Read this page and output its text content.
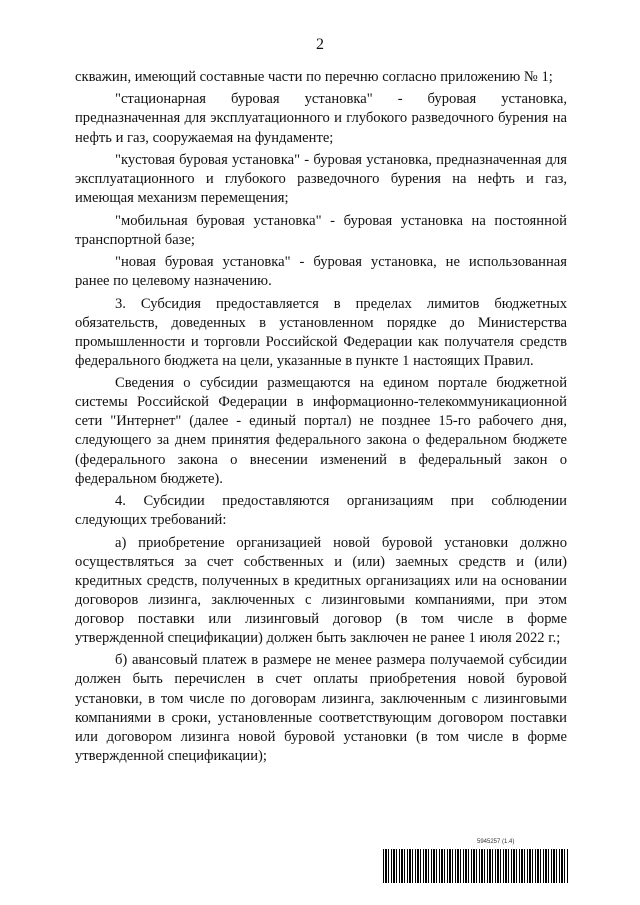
2

скважин, имеющий составные части по перечню согласно приложению № 1;

"стационарная буровая установка" - буровая установка, предназначенная для эксплуатационного и глубокого разведочного бурения на нефть и газ, сооружаемая на фундаменте;

"кустовая буровая установка" - буровая установка, предназначенная для эксплуатационного и глубокого разведочного бурения на нефть и газ, имеющая механизм перемещения;

"мобильная буровая установка" - буровая установка на постоянной транспортной базе;

"новая буровая установка" - буровая установка, не использованная ранее по целевому назначению.

3. Субсидия предоставляется в пределах лимитов бюджетных обязательств, доведенных в установленном порядке до Министерства промышленности и торговли Российской Федерации как получателя средств федерального бюджета на цели, указанные в пункте 1 настоящих Правил.

Сведения о субсидии размещаются на едином портале бюджетной системы Российской Федерации в информационно-телекоммуникационной сети "Интернет" (далее - единый портал) не позднее 15-го рабочего дня, следующего за днем принятия федерального закона о федеральном бюджете (федерального закона о внесении изменений в федеральный закон о федеральном бюджете).

4. Субсидии предоставляются организациям при соблюдении следующих требований:

а) приобретение организацией новой буровой установки должно осуществляться за счет собственных и (или) заемных средств и (или) кредитных средств, полученных в кредитных организациях или на основании договоров лизинга, заключенных с лизинговыми компаниями, при этом договор поставки или лизинговый договор (в том числе в форме утвержденной спецификации) должен быть заключен не ранее 1 июля 2022 г.;

б) авансовый платеж в размере не менее размера получаемой субсидии должен быть перечислен в счет оплаты приобретения новой буровой установки, в том числе по договорам лизинга, заключенным с лизинговыми компаниями в сроки, установленные соответствующим договором поставки или договором лизинга новой буровой установки (в том числе в форме утвержденной спецификации);

5945257 (1.4)
